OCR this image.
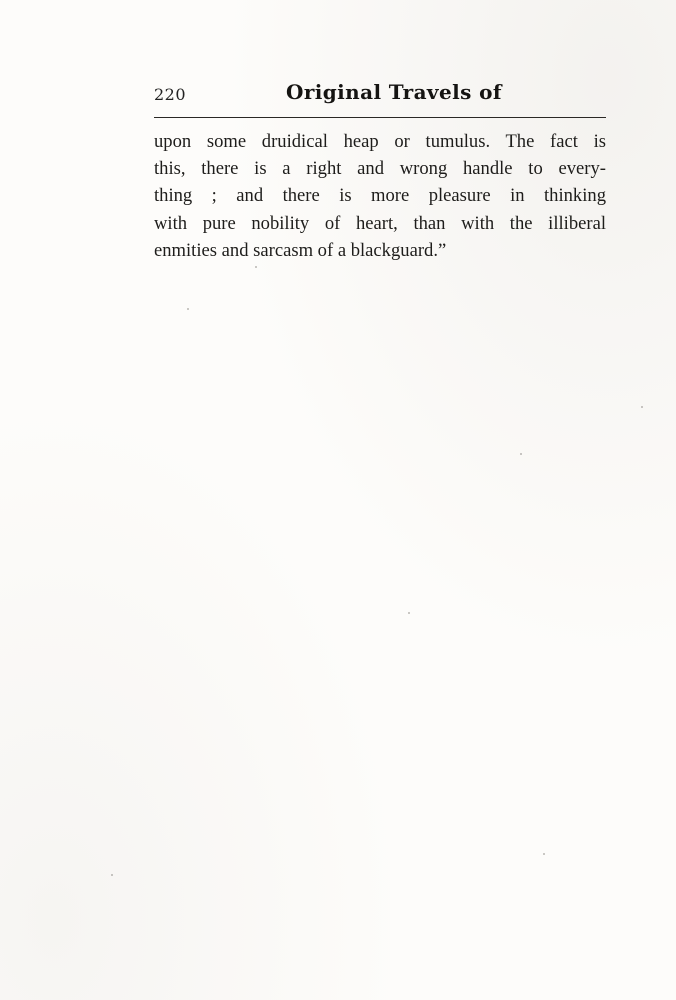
220	Original Travels of

upon some druidical heap or tumulus. The fact is
this, there is a right and wrong handle to every-
thing ; and there is more pleasure in thinking
with pure nobility of heart, than with the illiberal
enmities and sarcasm of a blackguard.”
